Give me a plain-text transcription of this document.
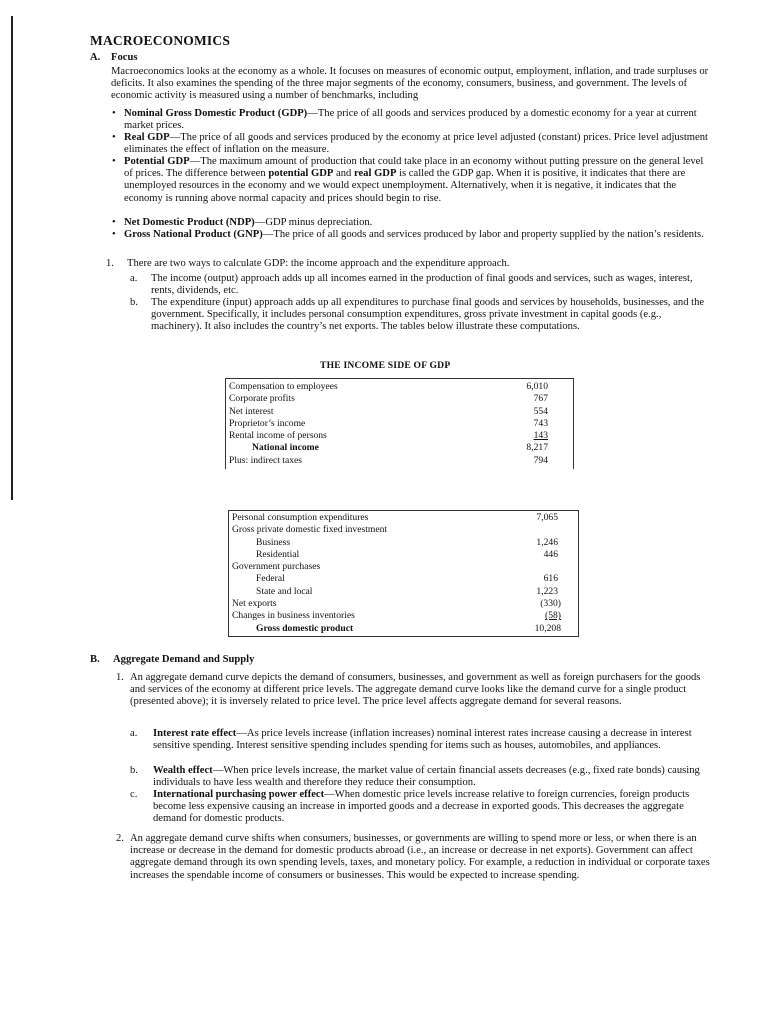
MACROECONOMICS
A. Focus
Macroeconomics looks at the economy as a whole. It focuses on measures of economic output, employment, inflation, and trade surpluses or deficits. It also examines the spending of the three major segments of the economy, consumers, business, and government. The levels of economic activity is measured using a number of benchmarks, including
• Nominal Gross Domestic Product (GDP)—The price of all goods and services produced by a domestic economy for a year at current market prices.
• Real GDP—The price of all goods and services produced by the economy at price level adjusted (constant) prices. Price level adjustment eliminates the effect of inflation on the measure.
• Potential GDP—The maximum amount of production that could take place in an economy without putting pressure on the general level of prices. The difference between potential GDP and real GDP is called the GDP gap. When it is positive, it indicates that there are unemployed resources in the economy and we would expect unemployment. Alternatively, when it is negative, it indicates that the economy is running above normal capacity and prices should begin to rise.
• Net Domestic Product (NDP)—GDP minus depreciation.
• Gross National Product (GNP)—The price of all goods and services produced by labor and property supplied by the nation’s residents.
1. There are two ways to calculate GDP: the income approach and the expenditure approach.
a. The income (output) approach adds up all incomes earned in the production of final goods and services, such as wages, interest, rents, dividends, etc.
b. The expenditure (input) approach adds up all expenditures to purchase final goods and services by households, businesses, and the government. Specifically, it includes personal consumption expenditures, gross private investment in capital goods (e.g., machinery). It also includes the country’s net exports. The tables below illustrate these computations.
THE INCOME SIDE OF GDP
Compensation to employees	6,010
Corporate profits	767
Net interest	554
Proprietor’s income	743
Rental income of persons	143
National income	8,217
Plus: indirect taxes	794
Personal consumption expenditures	7,065
Gross private domestic fixed investment
Business	1,246
Residential	446
Government purchases
Federal	616
State and local	1,223
Net exports	(330)
Changes in business inventories	(58)
Gross domestic product	10,208
B. Aggregate Demand and Supply
1. An aggregate demand curve depicts the demand of consumers, businesses, and government as well as foreign purchasers for the goods and services of the economy at different price levels. The aggregate demand curve looks like the demand curve for a single product (presented above); it is inversely related to price level. The price level affects aggregate demand for several reasons.
a. Interest rate effect—As price levels increase (inflation increases) nominal interest rates increase causing a decrease in interest sensitive spending. Interest sensitive spending includes spending for items such as houses, automobiles, and appliances.
b. Wealth effect—When price levels increase, the market value of certain financial assets decreases (e.g., fixed rate bonds) causing individuals to have less wealth and therefore they reduce their consumption.
c. International purchasing power effect—When domestic price levels increase relative to foreign currencies, foreign products become less expensive causing an increase in imported goods and a decrease in exported goods. This decreases the aggregate demand for domestic products.
2. An aggregate demand curve shifts when consumers, businesses, or governments are willing to spend more or less, or when there is an increase or decrease in the demand for domestic products abroad (i.e., an increase or decrease in net exports). Government can affect aggregate demand through its own spending levels, taxes, and monetary policy. For example, a reduction in individual or corporate taxes increases the spendable income of consumers or businesses. This would be expected to increase spending.
